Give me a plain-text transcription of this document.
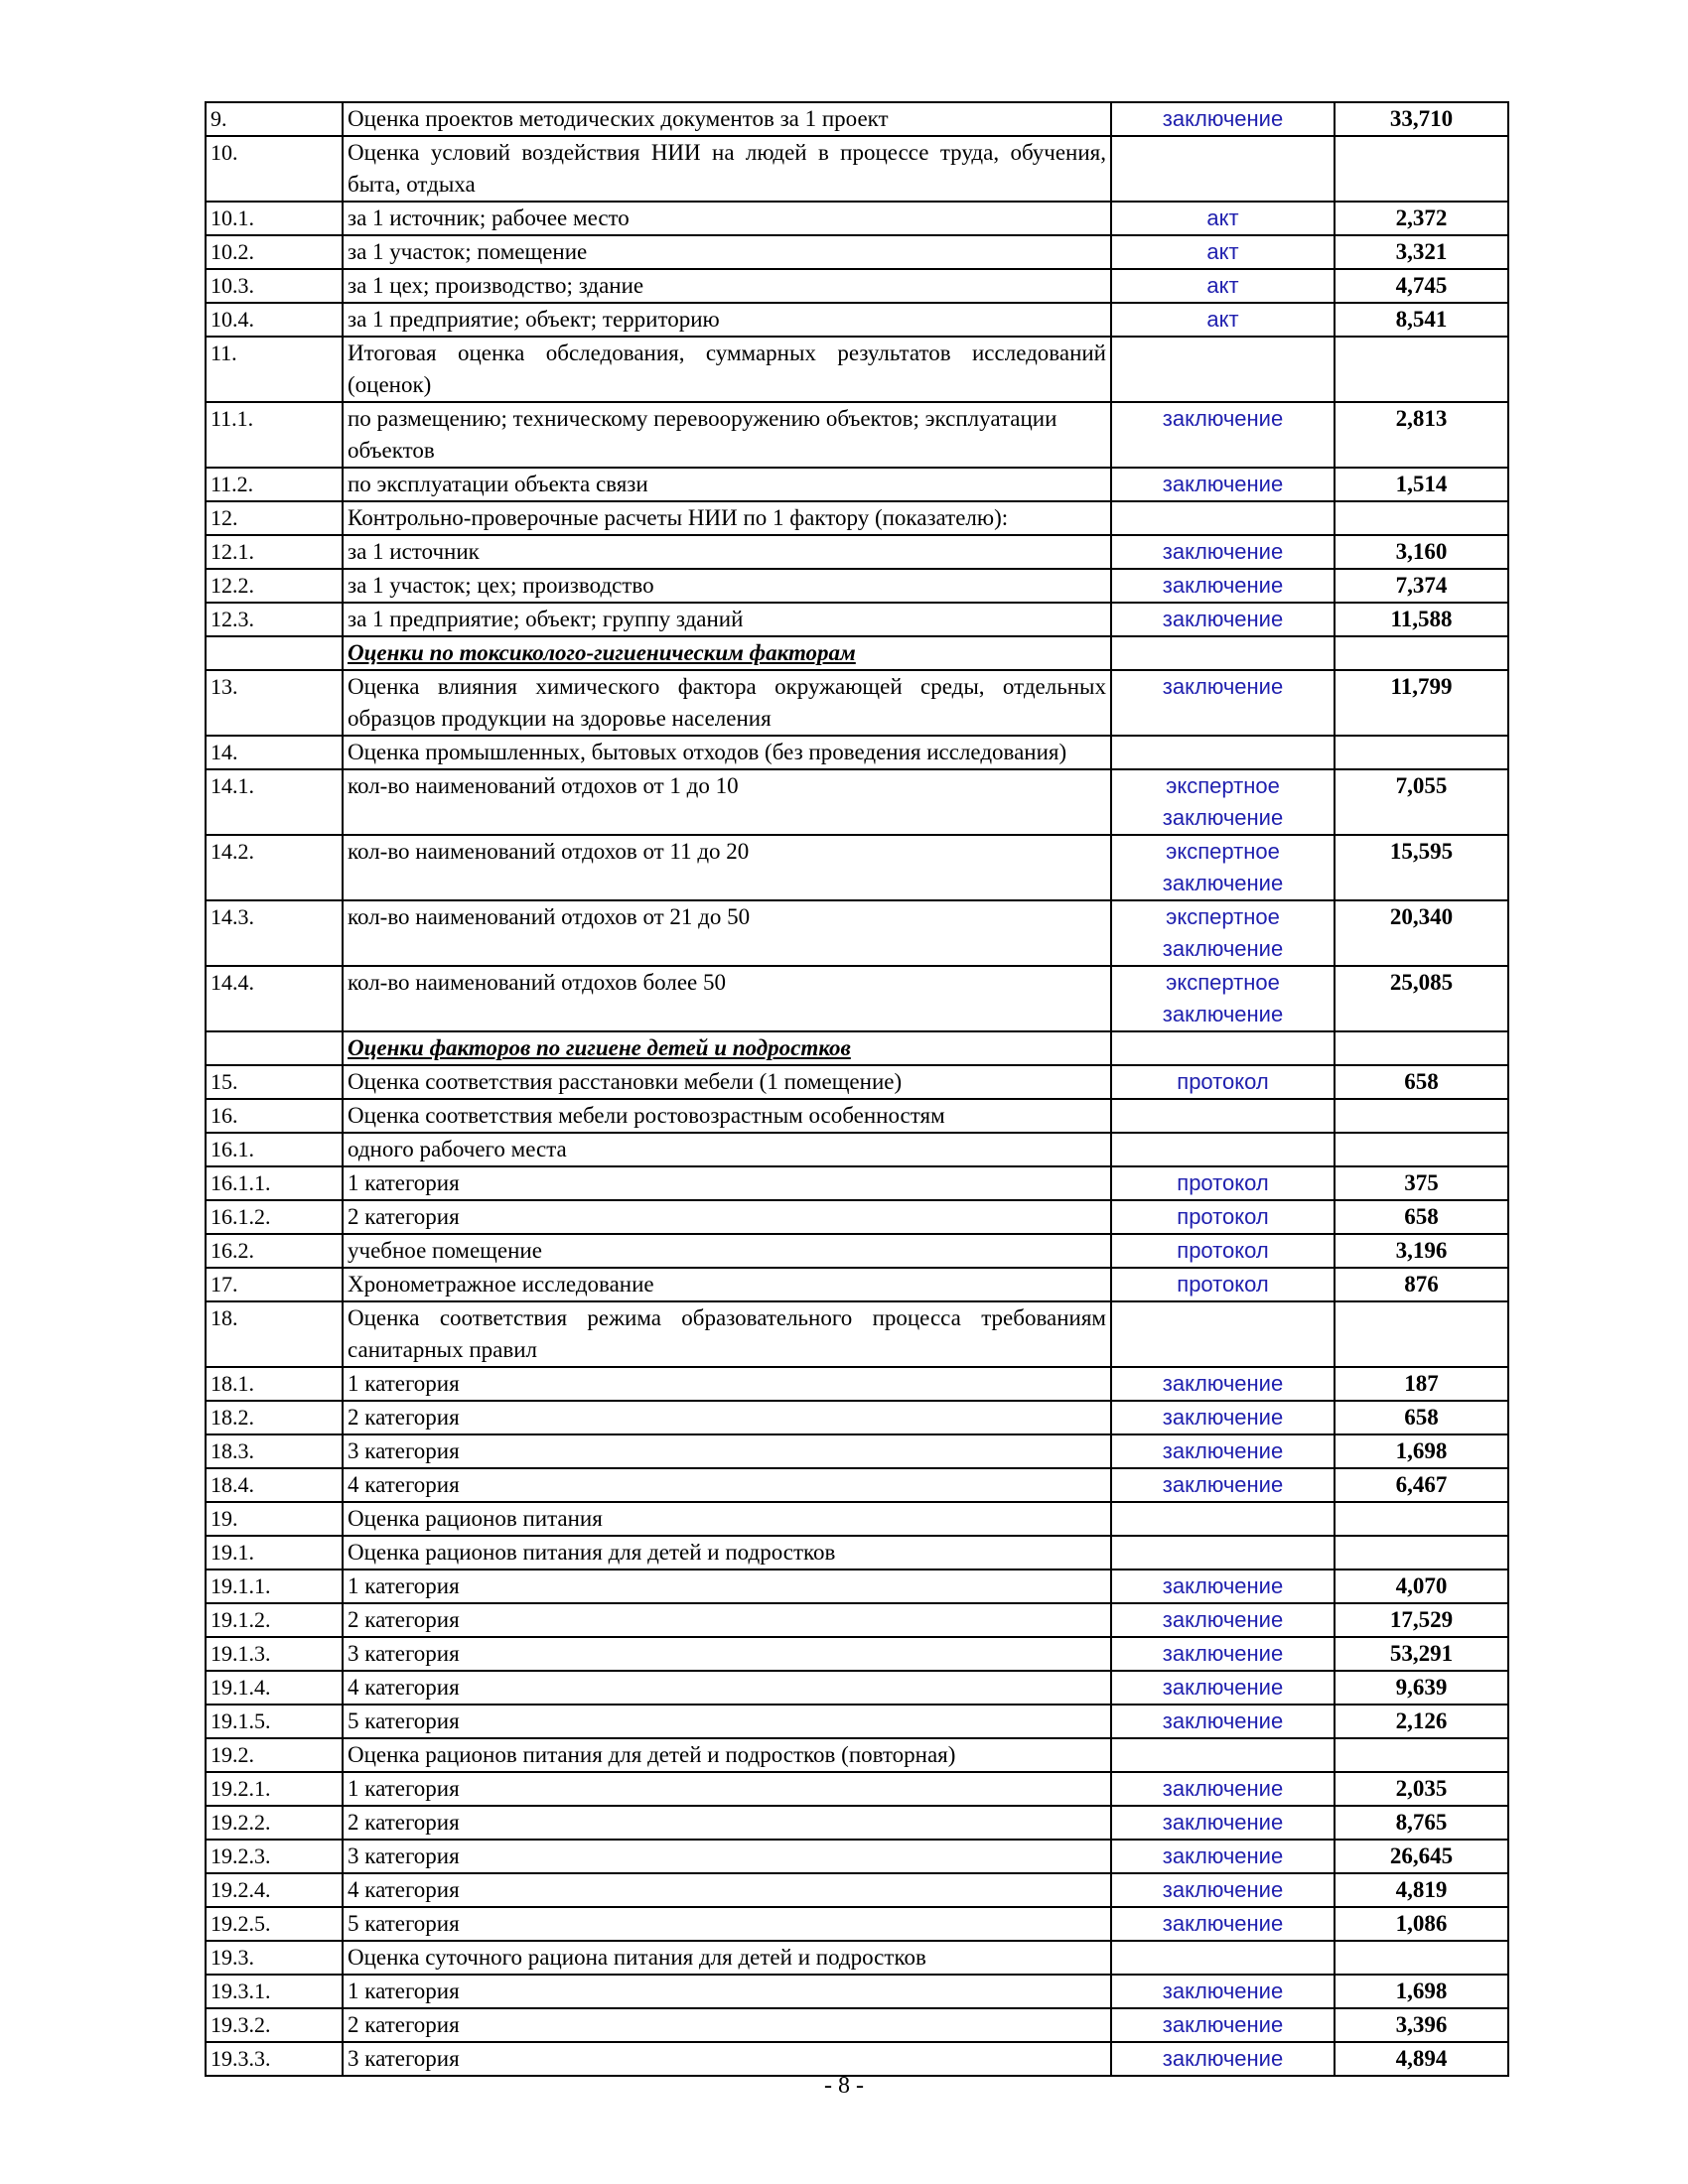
9.	Оценка проектов методических документов за 1 проект	заключение	33,710
10.	Оценка условий воздействия НИИ на людей в процессе труда, обучения, быта, отдыха		
10.1.	за 1 источник; рабочее место	акт	2,372
10.2.	за 1 участок; помещение	акт	3,321
10.3.	за 1 цех; производство; здание	акт	4,745
10.4.	за 1 предприятие; объект; территорию	акт	8,541
11.	Итоговая оценка обследования, суммарных результатов исследований (оценок)		
11.1.	по размещению; техническому перевооружению объектов; эксплуатации объектов	заключение	2,813
11.2.	по эксплуатации объекта связи	заключение	1,514
12.	Контрольно-проверочные расчеты НИИ по 1 фактору (показателю):		
12.1.	за 1 источник	заключение	3,160
12.2.	за 1 участок; цех; производство	заключение	7,374
12.3.	за 1 предприятие; объект; группу зданий	заключение	11,588
	Оценки по токсиколого-гигиеническим факторам		
13.	Оценка влияния химического фактора окружающей среды, отдельных образцов продукции на здоровье населения	заключение	11,799
14.	Оценка промышленных, бытовых отходов (без проведения исследования)		
14.1.	кол-во наименований отдохов от 1 до 10	экспертное заключение	7,055
14.2.	кол-во наименований отдохов от 11 до 20	экспертное заключение	15,595
14.3.	кол-во наименований отдохов от 21 до 50	экспертное заключение	20,340
14.4.	кол-во наименований отдохов более 50	экспертное заключение	25,085
	Оценки факторов по гигиене детей и подростков		
15.	Оценка соответствия расстановки мебели (1 помещение)	протокол	658
16.	Оценка соответствия мебели ростовозрастным особенностям		
16.1.	одного рабочего места		
16.1.1.	1 категория	протокол	375
16.1.2.	2 категория	протокол	658
16.2.	учебное помещение	протокол	3,196
17.	Хронометражное исследование	протокол	876
18.	Оценка соответствия режима образовательного процесса требованиям санитарных правил		
18.1.	1 категория	заключение	187
18.2.	2 категория	заключение	658
18.3.	3 категория	заключение	1,698
18.4.	4 категория	заключение	6,467
19.	Оценка рационов питания		
19.1.	Оценка рационов питания для детей и подростков		
19.1.1.	1 категория	заключение	4,070
19.1.2.	2 категория	заключение	17,529
19.1.3.	3 категория	заключение	53,291
19.1.4.	4 категория	заключение	9,639
19.1.5.	5 категория	заключение	2,126
19.2.	Оценка рационов питания для детей и подростков (повторная)		
19.2.1.	1 категория	заключение	2,035
19.2.2.	2 категория	заключение	8,765
19.2.3.	3 категория	заключение	26,645
19.2.4.	4 категория	заключение	4,819
19.2.5.	5 категория	заключение	1,086
19.3.	Оценка суточного рациона питания для детей и подростков		
19.3.1.	1 категория	заключение	1,698
19.3.2.	2 категория	заключение	3,396
19.3.3.	3 категория	заключение	4,894
- 8 -
